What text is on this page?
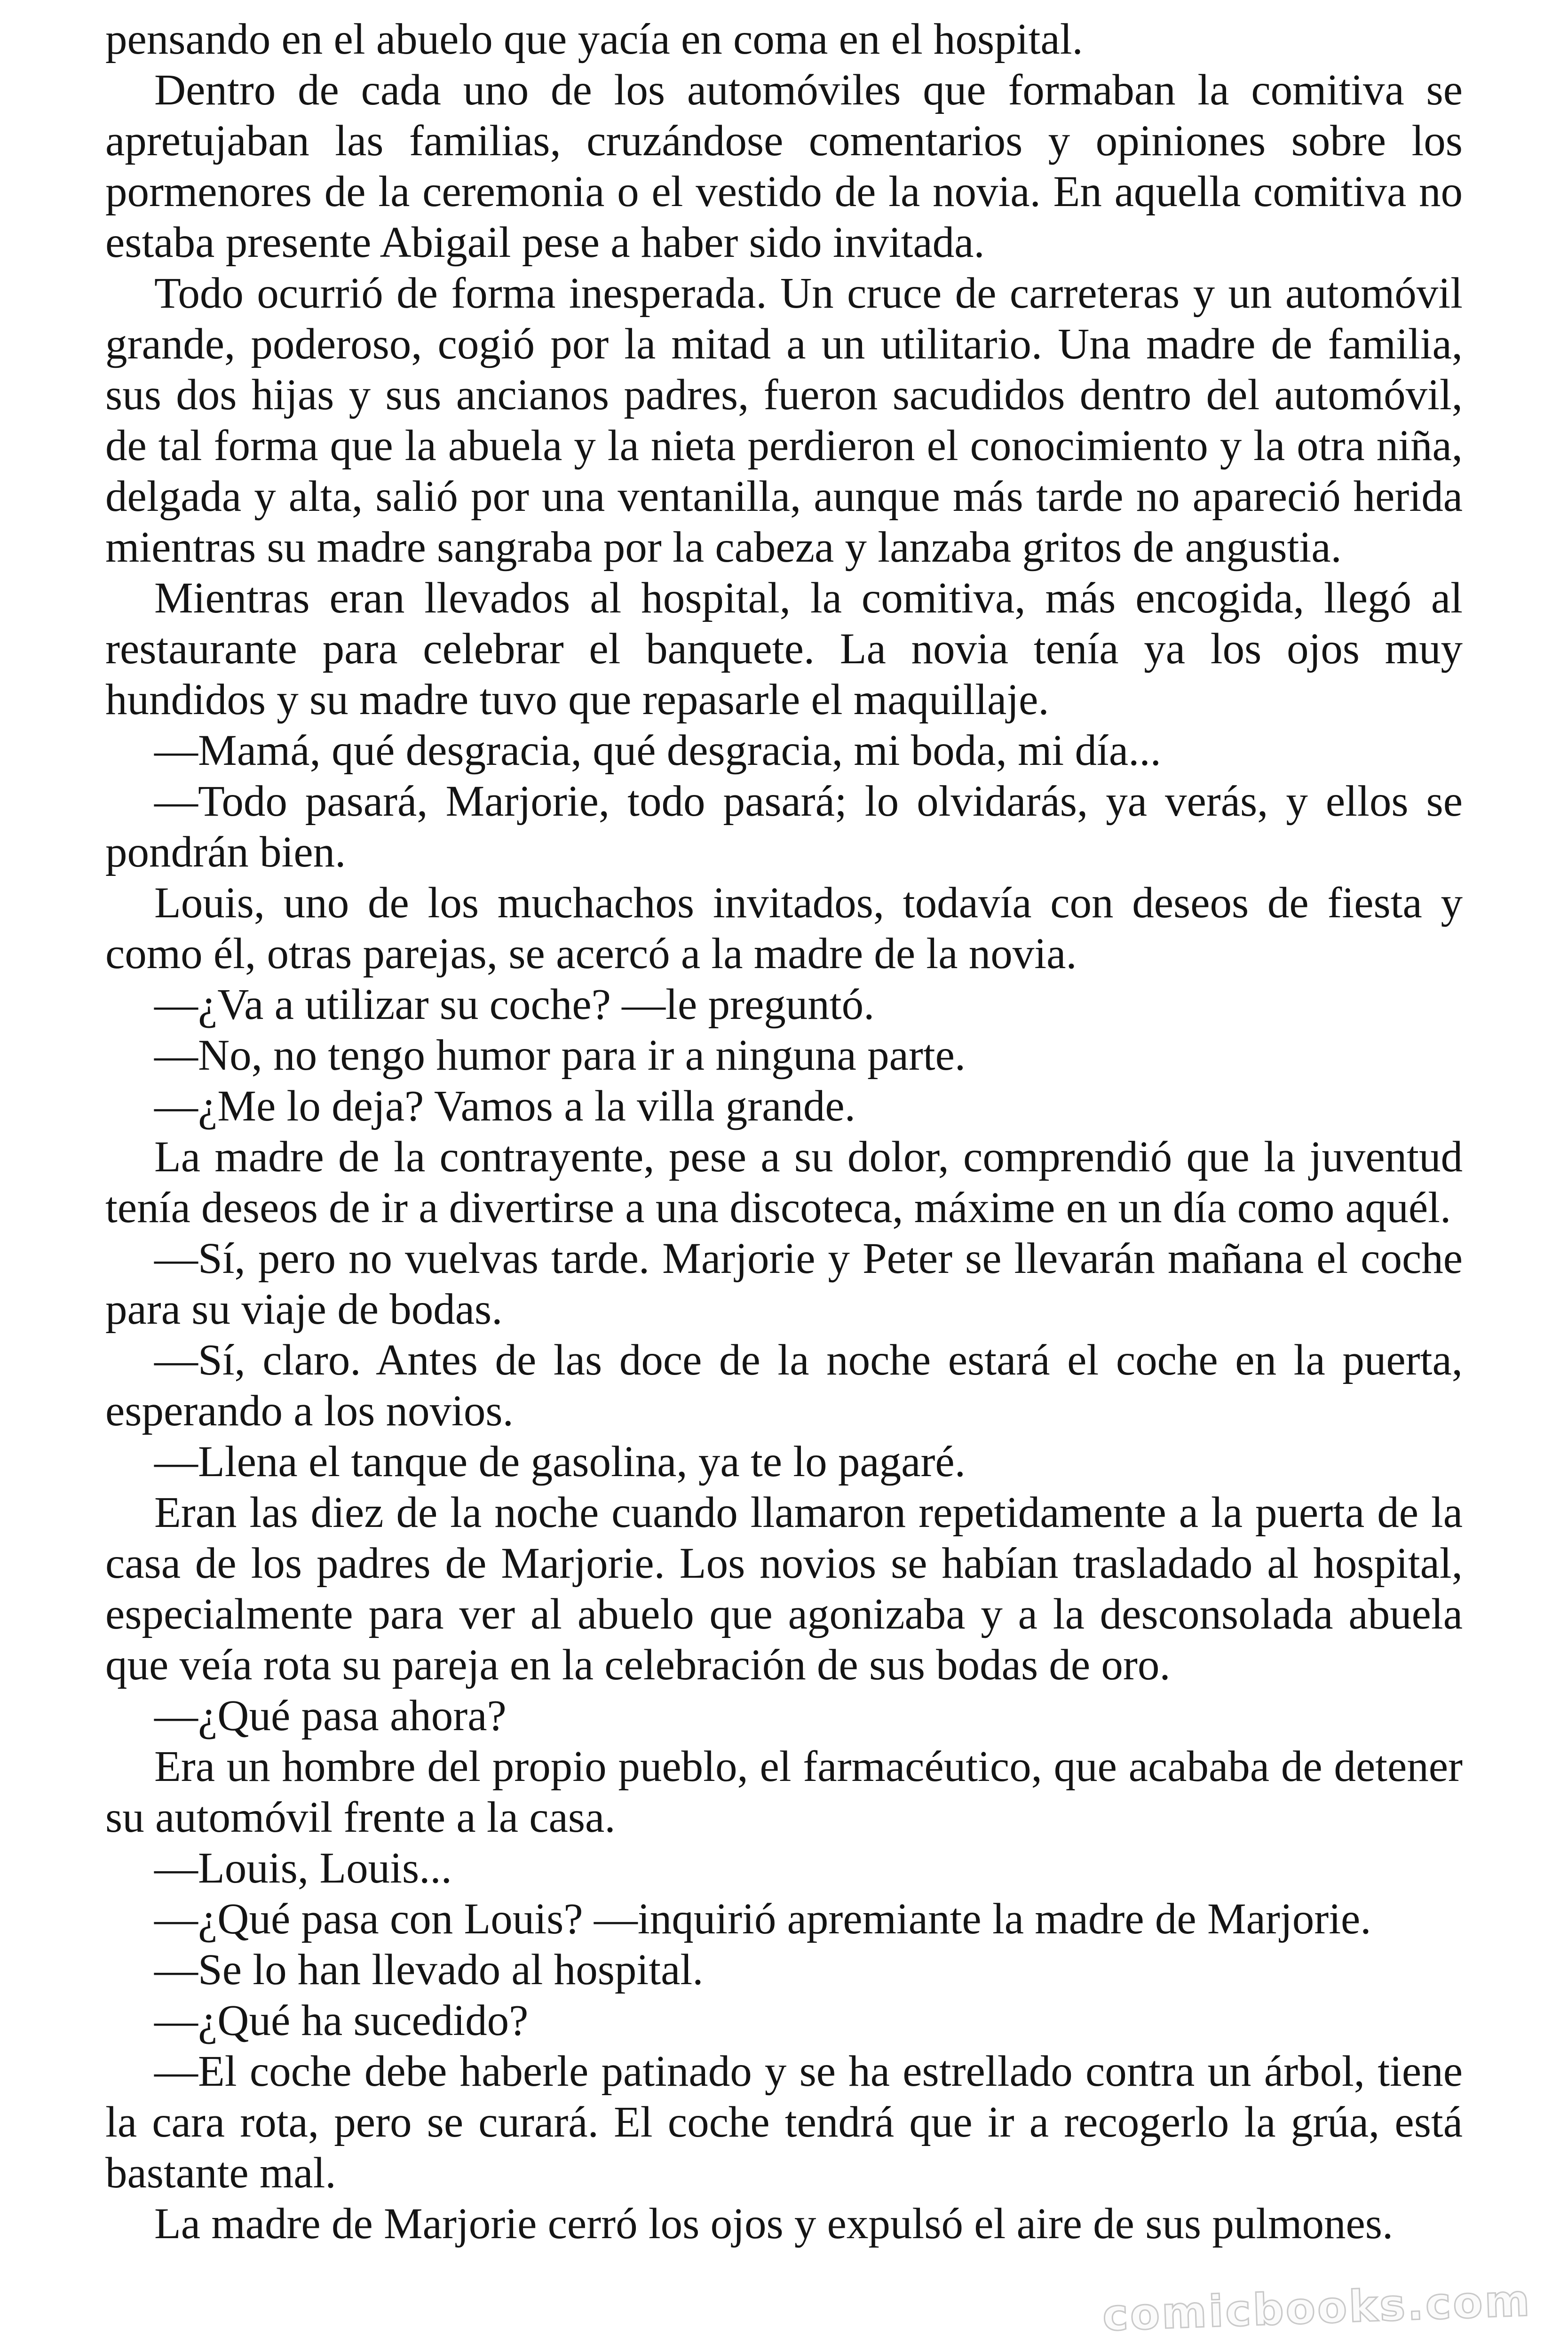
pensando en el abuelo que yacía en coma en el hospital.

Dentro de cada uno de los automóviles que formaban la comitiva se apretujaban las familias, cruzándose comentarios y opiniones sobre los pormenores de la ceremonia o el vestido de la novia. En aquella comitiva no estaba presente Abigail pese a haber sido invitada.

Todo ocurrió de forma inesperada. Un cruce de carreteras y un automóvil grande, poderoso, cogió por la mitad a un utilitario. Una madre de familia, sus dos hijas y sus ancianos padres, fueron sacudidos dentro del automóvil, de tal forma que la abuela y la nieta perdieron el conocimiento y la otra niña, delgada y alta, salió por una ventanilla, aunque más tarde no apareció herida mientras su madre sangraba por la cabeza y lanzaba gritos de angustia.

Mientras eran llevados al hospital, la comitiva, más encogida, llegó al restaurante para celebrar el banquete. La novia tenía ya los ojos muy hundidos y su madre tuvo que repasarle el maquillaje.

—Mamá, qué desgracia, qué desgracia, mi boda, mi día...

—Todo pasará, Marjorie, todo pasará; lo olvidarás, ya verás, y ellos se pondrán bien.

Louis, uno de los muchachos invitados, todavía con deseos de fiesta y como él, otras parejas, se acercó a la madre de la novia.

—¿Va a utilizar su coche? —le preguntó.

—No, no tengo humor para ir a ninguna parte.

—¿Me lo deja? Vamos a la villa grande.

La madre de la contrayente, pese a su dolor, comprendió que la juventud tenía deseos de ir a divertirse a una discoteca, máxime en un día como aquél.

—Sí, pero no vuelvas tarde. Marjorie y Peter se llevarán mañana el coche para su viaje de bodas.

—Sí, claro. Antes de las doce de la noche estará el coche en la puerta, esperando a los novios.

—Llena el tanque de gasolina, ya te lo pagaré.

Eran las diez de la noche cuando llamaron repetidamente a la puerta de la casa de los padres de Marjorie. Los novios se habían trasladado al hospital, especialmente para ver al abuelo que agonizaba y a la desconsolada abuela que veía rota su pareja en la celebración de sus bodas de oro.

—¿Qué pasa ahora?

Era un hombre del propio pueblo, el farmacéutico, que acababa de detener su automóvil frente a la casa.

—Louis, Louis...

—¿Qué pasa con Louis? —inquirió apremiante la madre de Marjorie.

—Se lo han llevado al hospital.

—¿Qué ha sucedido?

—El coche debe haberle patinado y se ha estrellado contra un árbol, tiene la cara rota, pero se curará. El coche tendrá que ir a recogerlo la grúa, está bastante mal.

La madre de Marjorie cerró los ojos y expulsó el aire de sus pulmones.

comicbooks.com
